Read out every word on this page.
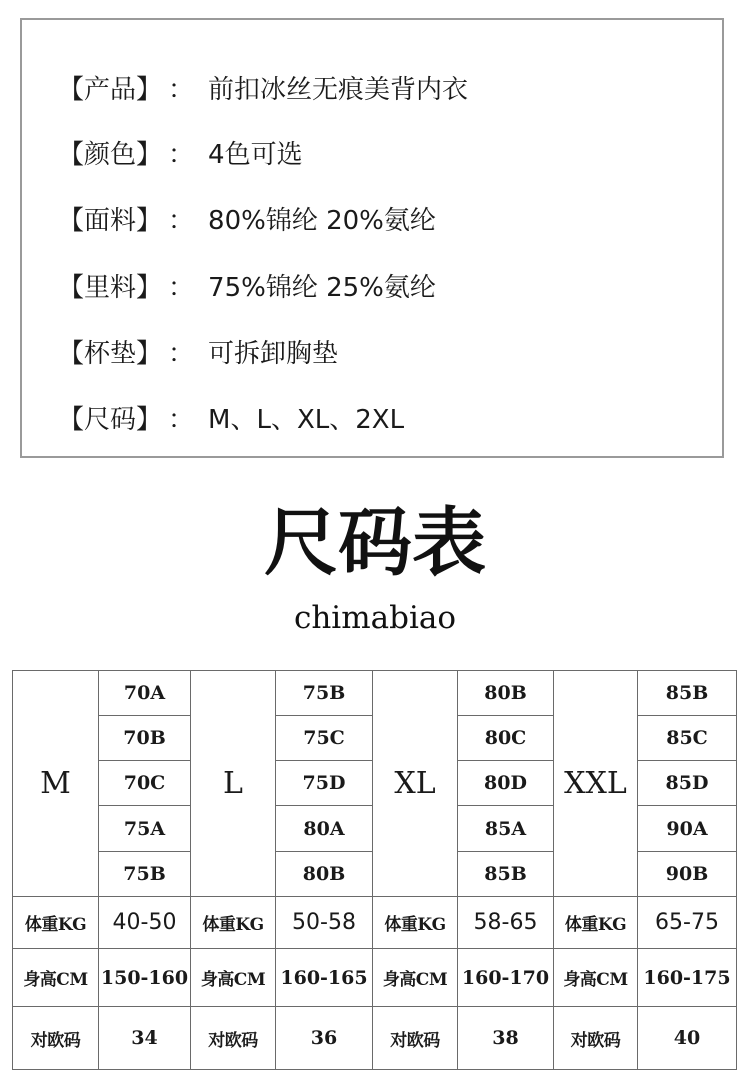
【产品】 ： 前扣冰丝无痕美背内衣
【颜色】 ： 4色可选
【面料】 ： 80%锦纶 20%氨纶
【里料】 ： 75%锦纶 25%氨纶
【杯垫】 ： 可拆卸胸垫
【尺码】 ： M、L、XL、2XL
尺码表
chimabiao
M	70A	L	75B	XL	80B	XXL	85B
	70B		75C		80C		85C
	70C		75D		80D		85D
	75A		80A		85A		90A
	75B		80B		85B		90B
体重KG	40-50	体重KG	50-58	体重KG	58-65	体重KG	65-75
身高CM	150-160	身高CM	160-165	身高CM	160-170	身高CM	160-175
对欧码	34	对欧码	36	对欧码	38	对欧码	40
